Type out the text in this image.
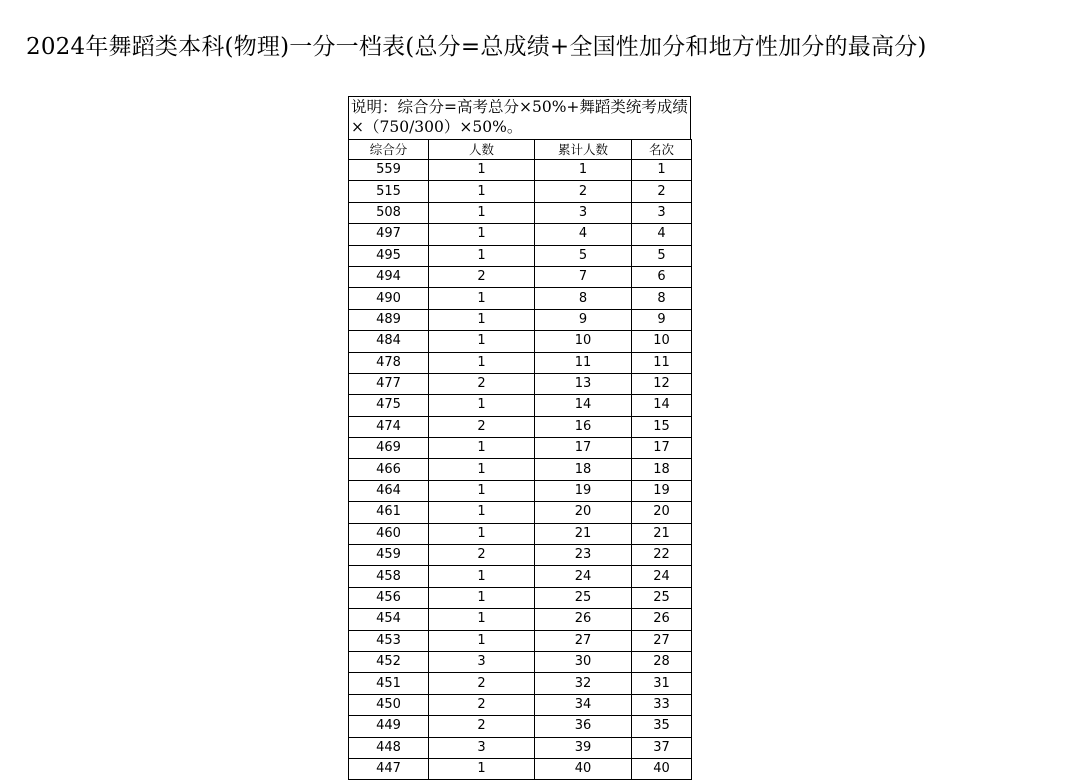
2024年舞蹈类本科(物理)一分一档表(总分=总成绩+全国性加分和地方性加分的最高分)
说明：综合分=高考总分×50%+舞蹈类统考成绩×（750/300）×50%。
综合分	人数	累计人数	名次
559	1	1	1
515	1	2	2
508	1	3	3
497	1	4	4
495	1	5	5
494	2	7	6
490	1	8	8
489	1	9	9
484	1	10	10
478	1	11	11
477	2	13	12
475	1	14	14
474	2	16	15
469	1	17	17
466	1	18	18
464	1	19	19
461	1	20	20
460	1	21	21
459	2	23	22
458	1	24	24
456	1	25	25
454	1	26	26
453	1	27	27
452	3	30	28
451	2	32	31
450	2	34	33
449	2	36	35
448	3	39	37
447	1	40	40
